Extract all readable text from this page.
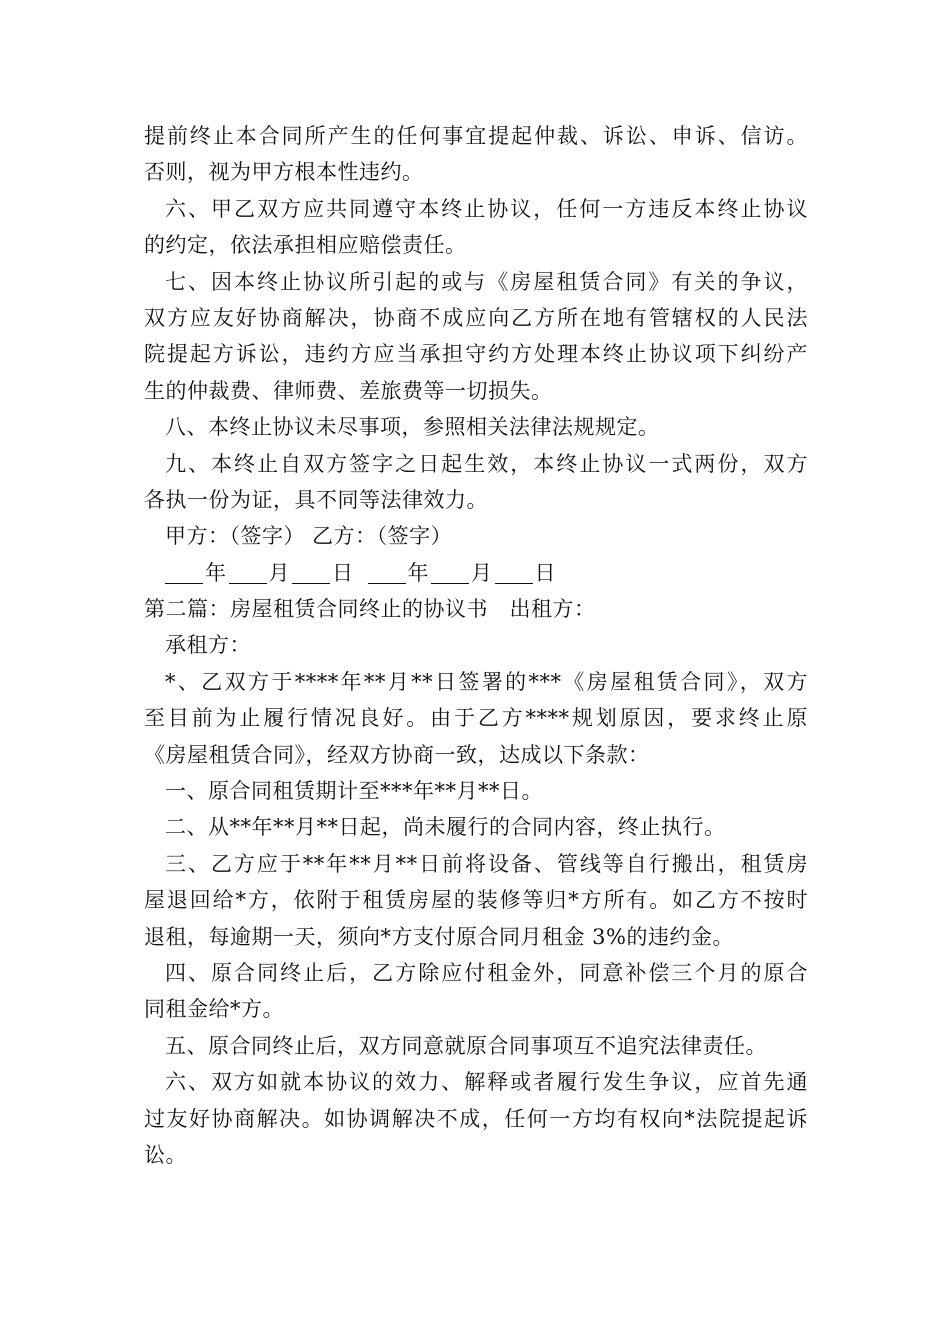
提前终止本合同所产生的任何事宜提起仲裁、诉讼、申诉、信访。
否则，视为甲方根本性违约。
六、甲乙双方应共同遵守本终止协议，任何一方违反本终止协议
的约定，依法承担相应赔偿责任。
七、因本终止协议所引起的或与《房屋租赁合同》有关的争议，
双方应友好协商解决，协商不成应向乙方所在地有管辖权的人民法
院提起方诉讼，违约方应当承担守约方处理本终止协议项下纠纷产
生的仲裁费、律师费、差旅费等一切损失。
八、本终止协议未尽事项，参照相关法律法规规定。
九、本终止自双方签字之日起生效，本终止协议一式两份，双方
各执一份为证，具不同等法律效力。
甲方：（签字） 乙方：（签字）
年 月 日	年 月 日
第二篇：房屋租赁合同终止的协议书　出租方：
承租方：
*、乙双方于****年**月**日签署的***《房屋租赁合同》，双方
至目前为止履行情况良好。由于乙方****规划原因，要求终止原
《房屋租赁合同》，经双方协商一致，达成以下条款：
一、原合同租赁期计至***年**月**日。
二、从**年**月**日起，尚未履行的合同内容，终止执行。
三、乙方应于**年**月**日前将设备、管线等自行搬出，租赁房
屋退回给*方，依附于租赁房屋的装修等归*方所有。如乙方不按时
退租，每逾期一天，须向*方支付原合同月租金 3%的违约金。
四、原合同终止后，乙方除应付租金外，同意补偿三个月的原合
同租金给*方。
五、原合同终止后，双方同意就原合同事项互不追究法律责任。
六、双方如就本协议的效力、解释或者履行发生争议，应首先通
过友好协商解决。如协调解决不成，任何一方均有权向*法院提起诉
讼。
